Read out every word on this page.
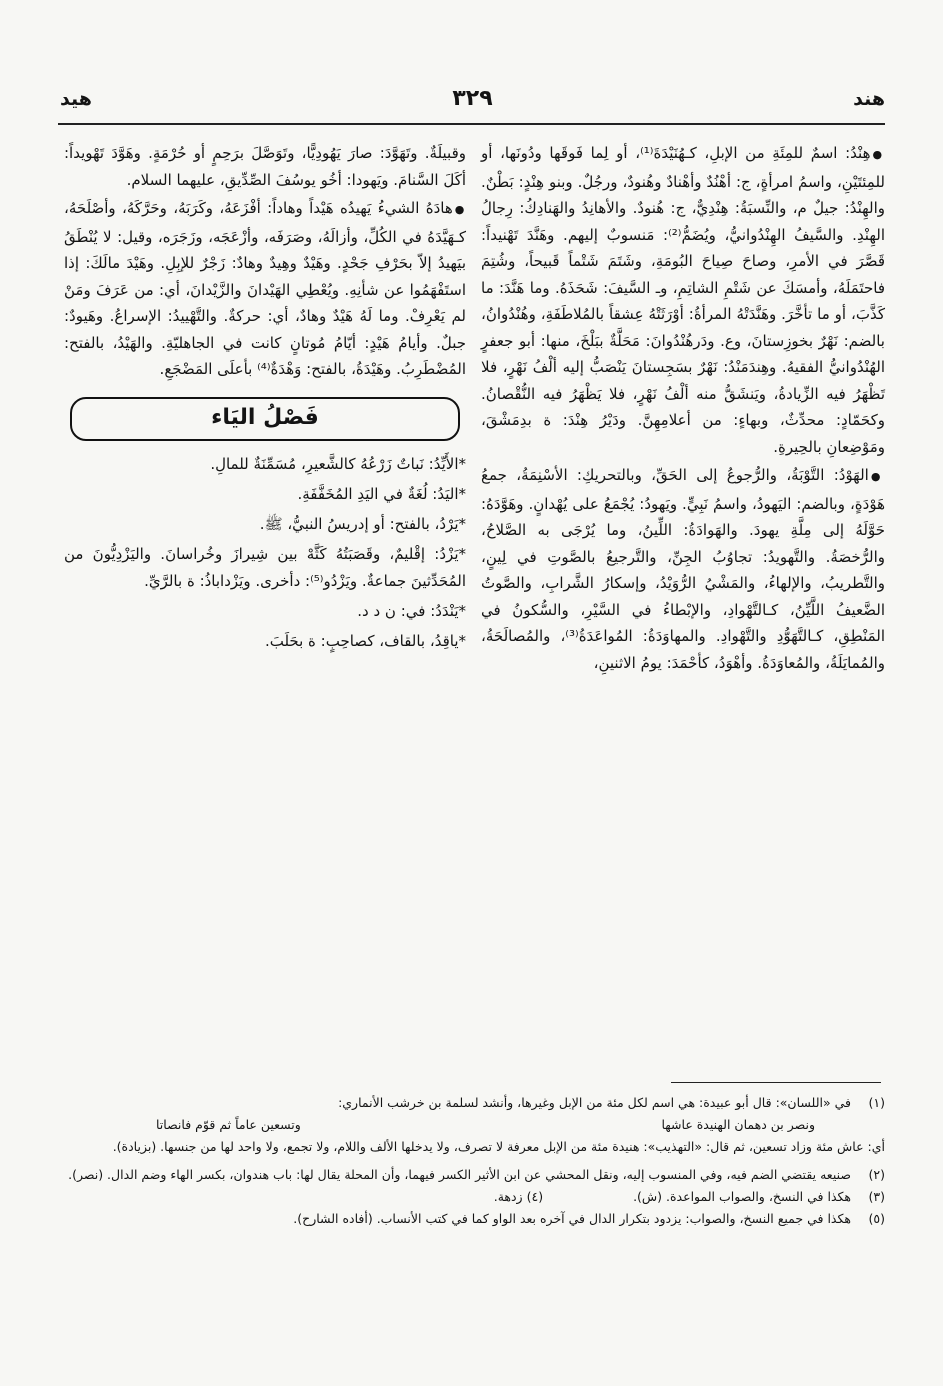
هند
٣٢٩
هيد

● هِنْدُ: اسمٌ للمِئَةِ من الإبلِ، كـهُنَيْدَةَ⁽¹⁾، أو لِما فَوقَها ودُونَها، أو للمِئتَيْنِ، واسمُ امرأةٍ، ج: أهْنُدٌ وأهْنادٌ وهُنودٌ، ورجُلٌ. وبنو هِنْدٍ: بَطْنٌ. والهِنْدُ: جيلٌ م، والنِّسبَةُ: هِنْدِيٌّ، ج: هُنودٌ. والأهانِدُ والهَنادِكُ: رِجالُ الهِنْدِ. والسَّيفُ الهِنْدُوانيُّ، ويُضَمُّ⁽²⁾: مَنسوبٌ إليهم. وهَنَّدَ تَهْنيداً: قَصَّرَ في الأمرِ، وصاحَ صِياحَ البُومَةِ، وشَتَمَ شَتْماً قَبيحاً، وشُتِمَ فاحتَمَلَهُ، وأمسَكَ عن شَتْمِ الشاتِمِ، وـ السَّيفَ: شَحَذَهُ. وما هَنَّدَ: ما كَذَّبَ، أو ما تأخَّرَ. وهَنَّدَتْهُ المرأةُ: أوْرَثَتْهُ عِشقاً بالمُلاطَفَةِ، وهُنْدُوانُ، بالضم: نَهْرٌ بخوزِستانَ، وع. ودَرهُنْدُوانَ: مَحَلَّةٌ ببَلْخَ، منها: أبو جعفرٍ الهُنْدُوانيُّ الفقيهُ. وهِندَمَنْدُ: نَهْرٌ بسَجِستانَ يَنْصَبُّ إليه ألْفُ نَهْرٍ، فلا تَظْهَرُ فيه الزِّيادةُ، ويَنشَقُّ منه ألْفُ نَهْرٍ، فلا يَظْهَرُ فيه النُّقْصانُ. وكحَمّادٍ: محدِّثٌ، وبهاءٍ: من أعلامِهِنَّ. ودَيْرُ هِنْدَ: ة بدِمَشْقَ، ومَوْضِعانِ بالحِيرةِ.

● الهَوْدُ: التَّوْبَةُ، والرُّجوعُ إلى الحَقِّ، وبالتحريكِ: الأسْنِمَةُ، جمعُ هَوْدَةٍ، وبالضم: اليَهودُ، واسمُ نَبِيٍّ. ويَهودُ: يُجْمَعُ على يُهْدانٍ. وهَوَّدَهُ: حَوَّلَهُ إلى مِلَّةِ يهودَ. والهَوادَةُ: اللِّينُ، وما يُرْجَى به الصَّلاحُ، والرُّخصَةُ. والتَّهويدُ: تجاوُبُ الجِنِّ، والتَّرجيعُ بالصَّوتِ في لِينٍ، والتَّطريبُ، والإلهاءُ، والمَشْيُ الرُّوَيْدُ، وإسكارُ الشَّرابِ، والصَّوتُ الضَّعيفُ اللَّيِّنُ، كـالتَّهْوادِ، والإبْطاءُ في السَّيْرِ، والسُّكونُ في المَنْطِقِ، كـالتَّهَوُّدِ والتَّهْوادِ. والمهاوَدَةُ: المُواعَدَةُ⁽³⁾، والمُصالَحَةُ، والمُمايَلَةُ، والمُعاوَدَةُ. وأهْوَدُ، كأحْمَدَ: يومُ الاثنينِ،

وقبيلَةٌ. وتَهَوَّدَ: صارَ يَهُودِيًّا، وتَوَصَّلَ برَحِمٍ أو حُرْمَةٍ. وهَوَّدَ تَهْويداً: أكَلَ السَّنامَ. ويَهودا: أخُو يوسُفَ الصِّدِّيقِ، عليهما السلام.

● هادَهُ الشيءُ يَهيدُه هَيْداً وهاداً: أفْزَعَهُ، وكَرَبَهُ، وحَرَّكَهُ، وأصْلَحَهُ، كـهَيَّدَهُ في الكُلِّ، وأزالَهُ، وصَرَفَه، وأزْعَجَه، وزَجَرَه، وقيل: لا يُنْطَقُ بيَهيدُ إلاّ بحَرْفِ جَحْدٍ. وهَيْدٌ وهِيدٌ وهادٌ: زَجْرٌ للإبِلِ. وهَيْدَ مالَكَ: إذا استَفْهَمُوا عن شأنِهِ. ويُعْطِي الهَيْدانَ والزَّيْدانَ، أي: من عَرَفَ ومَنْ لم يَعْرِفْ. وما لَهُ هَيْدٌ وهادٌ، أي: حركةٌ. والتَّهْييدُ: الإسراعُ. وهَيودٌ: جبلٌ. وأيامُ هَيْدٍ: أيّامُ مُوتانٍ كانت في الجاهليّةِ. والهَيْدُ، بالفتح: المُضْطَرِبُ. وهَيْدَةُ، بالفتح: وَهْدَةٌ⁽⁴⁾ بأعلَى المَضْجَعِ.

فَصْلُ اليَاء

*الأَيِّدُ: نَباتٌ زَرْعُهُ كالشَّعيرِ، مُسَمِّنَةٌ للمالِ.

*اليَدُ: لُغَةٌ في اليَدِ المُخَفَّفَةِ.

*يَرْدُ، بالفتح: أو إدريسُ النبيُّ، ﷺ.

*يَزْدُ: إقْليمٌ، وقَصَبَتُهُ كَثَّهْ بين شِيرازَ وخُراسانَ. واليَزْدِيُّونَ من المُحَدِّثينَ جماعةٌ. ويَزْدُو⁽⁵⁾: دأخرى. ويَزْداباذُ: ة بالرَّيِّ.

*يَنْدَدُ: في: ن د د.

*ياقِدُ، بالقاف، كصاحِبٍ: ة بحَلَبَ.

(١)
في «اللسان»: قال أبو عبيدة: هي اسم لكل مئة من الإبل وغيرها، وأنشد لسلمة بن خرشب الأنماري:
ونصر بن دهمان الهنيدة عاشها
وتسعين عاماً ثم قوّم فانصاتا
أي: عاش مئة وزاد تسعين، ثم قال: «التهذيب»: هنيدة مئة من الإبل معرفة لا تصرف، ولا يدخلها الألف واللام، ولا تجمع، ولا واحد لها من جنسها. (بزيادة).
(٢)
صنيعه يقتضي الضم فيه، وفي المنسوب إليه، ونقل المحشي عن ابن الأثير الكسر فيهما، وأن المحلة يقال لها: باب هندوان، بكسر الهاء وضم الدال. (نصر).
(٣)
هكذا في النسخ، والصواب المواعدة. (ش).
(٤) زدهة.
(٥)
هكذا في جميع النسخ، والصواب: يزدود بتكرار الدال في آخره بعد الواو كما في كتب الأنساب. (أفاده الشارح).
